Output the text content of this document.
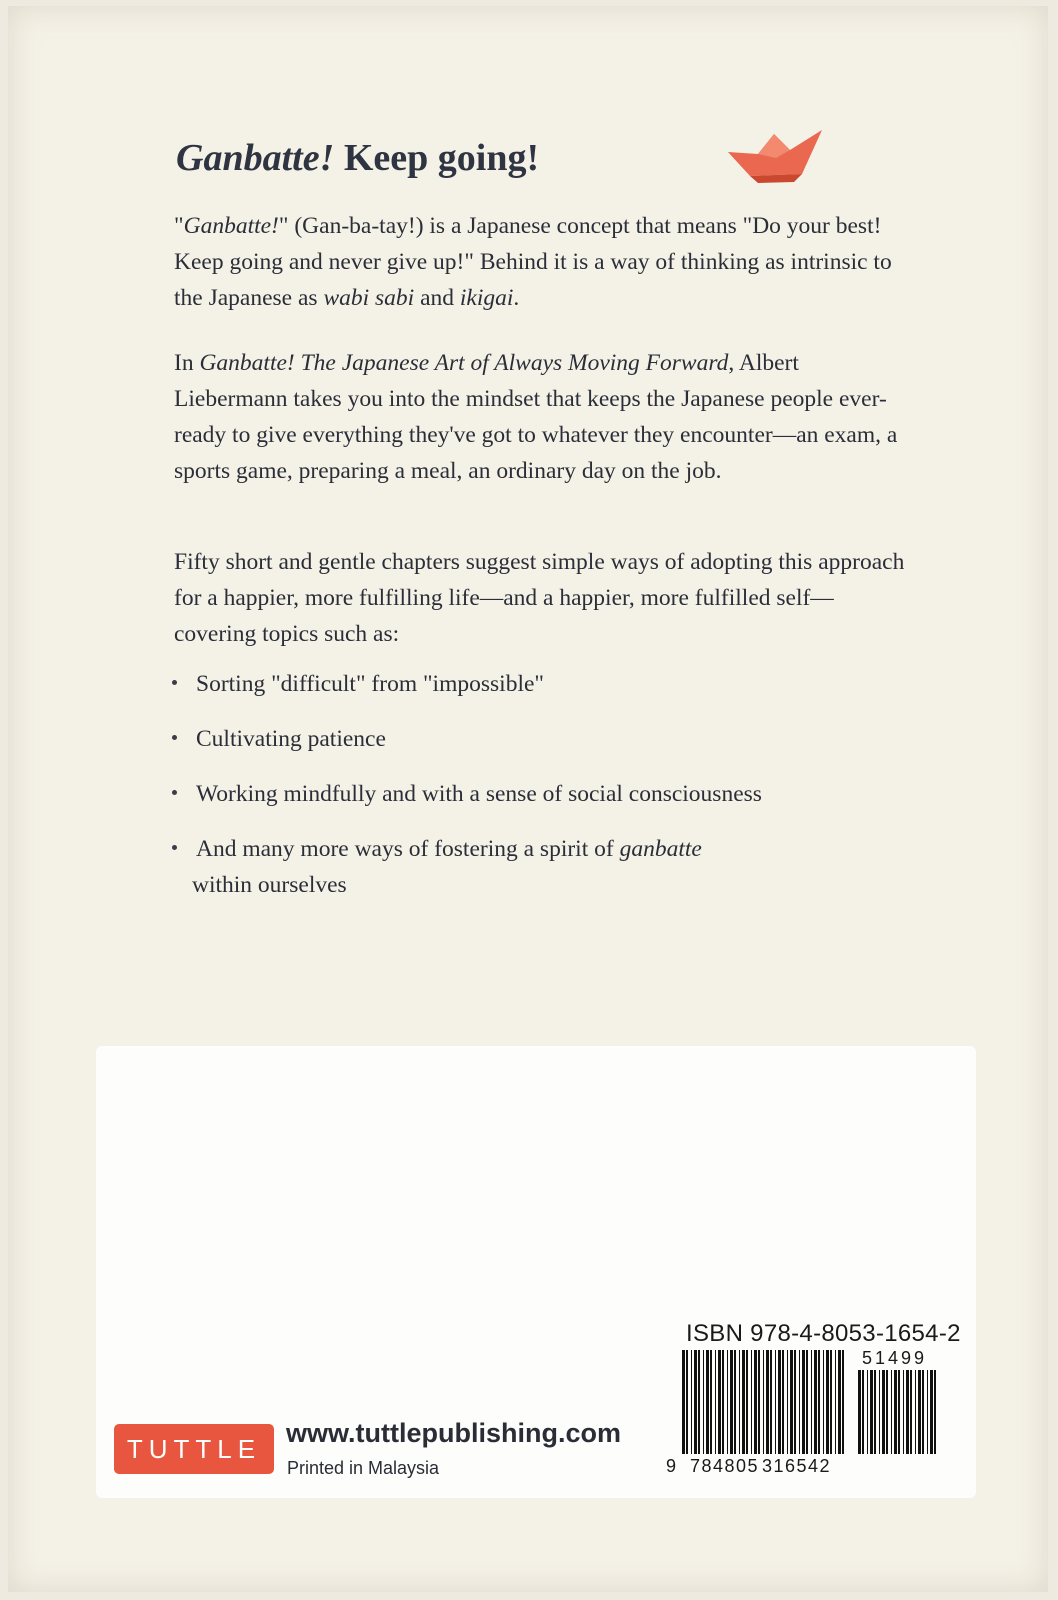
Ganbatte! Keep going!
"Ganbatte!" (Gan-ba-tay!) is a Japanese concept that means "Do your best! Keep going and never give up!" Behind it is a way of thinking as intrinsic to the Japanese as wabi sabi and ikigai.
In Ganbatte! The Japanese Art of Always Moving Forward, Albert Liebermann takes you into the mindset that keeps the Japanese people ever-ready to give everything they've got to whatever they encounter—an exam, a sports game, preparing a meal, an ordinary day on the job.
Fifty short and gentle chapters suggest simple ways of adopting this approach for a happier, more fulfilling life—and a happier, more fulfilled self—covering topics such as:
Sorting "difficult" from "impossible"
Cultivating patience
Working mindfully and with a sense of social consciousness
And many more ways of fostering a spirit of ganbatte
within ourselves
TUTTLE
www.tuttlepublishing.com
Printed in Malaysia
ISBN 978-4-8053-1654-2
51499
9 784805 316542
